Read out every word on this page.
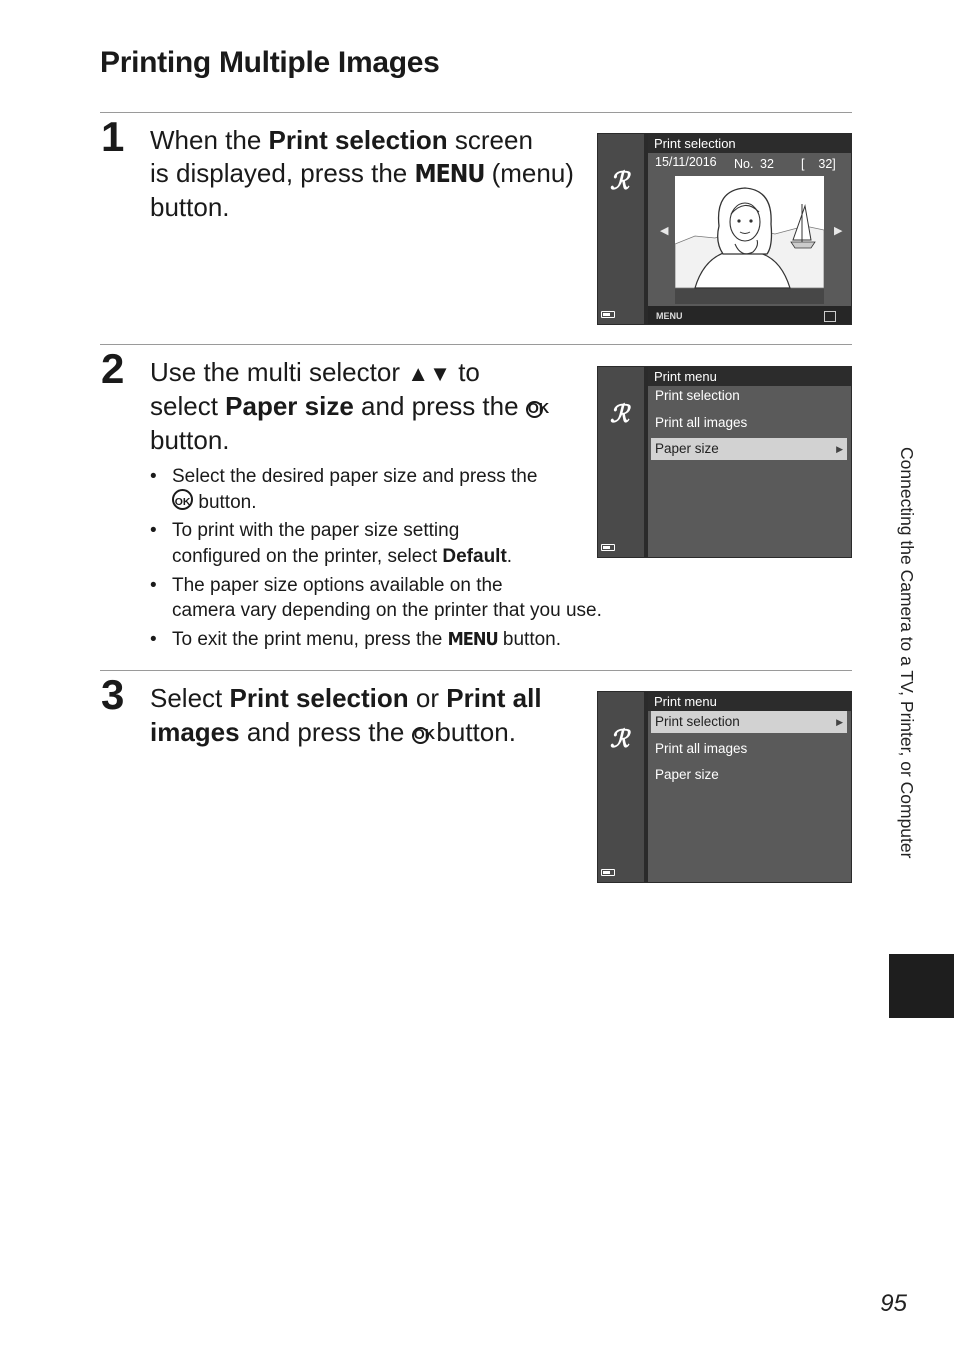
Printing Multiple Images
1 When the Print selection screen
is displayed, press the MENU (menu)
button.
ℛ
Print selection
15/11/2016 No. 32 [    32]
◀	▶
MENU
2 Use the multi selector ▲▼ to
select Paper size and press the OK
button.
• Select the desired paper size and press the
OK button.
• To print with the paper size setting
configured on the printer, select Default.
• The paper size options available on the
camera vary depending on the printer that you use.
• To exit the print menu, press the MENU button.
ℛ
Print menu
Print selection
Print all images
Paper size	▶
3 Select Print selection or Print all
images and press the OK button.	ℛ
Print menu
Print selection	▶
Print all images
Paper size	Connecting the Camera to a TV, Printer, or Computer
95
